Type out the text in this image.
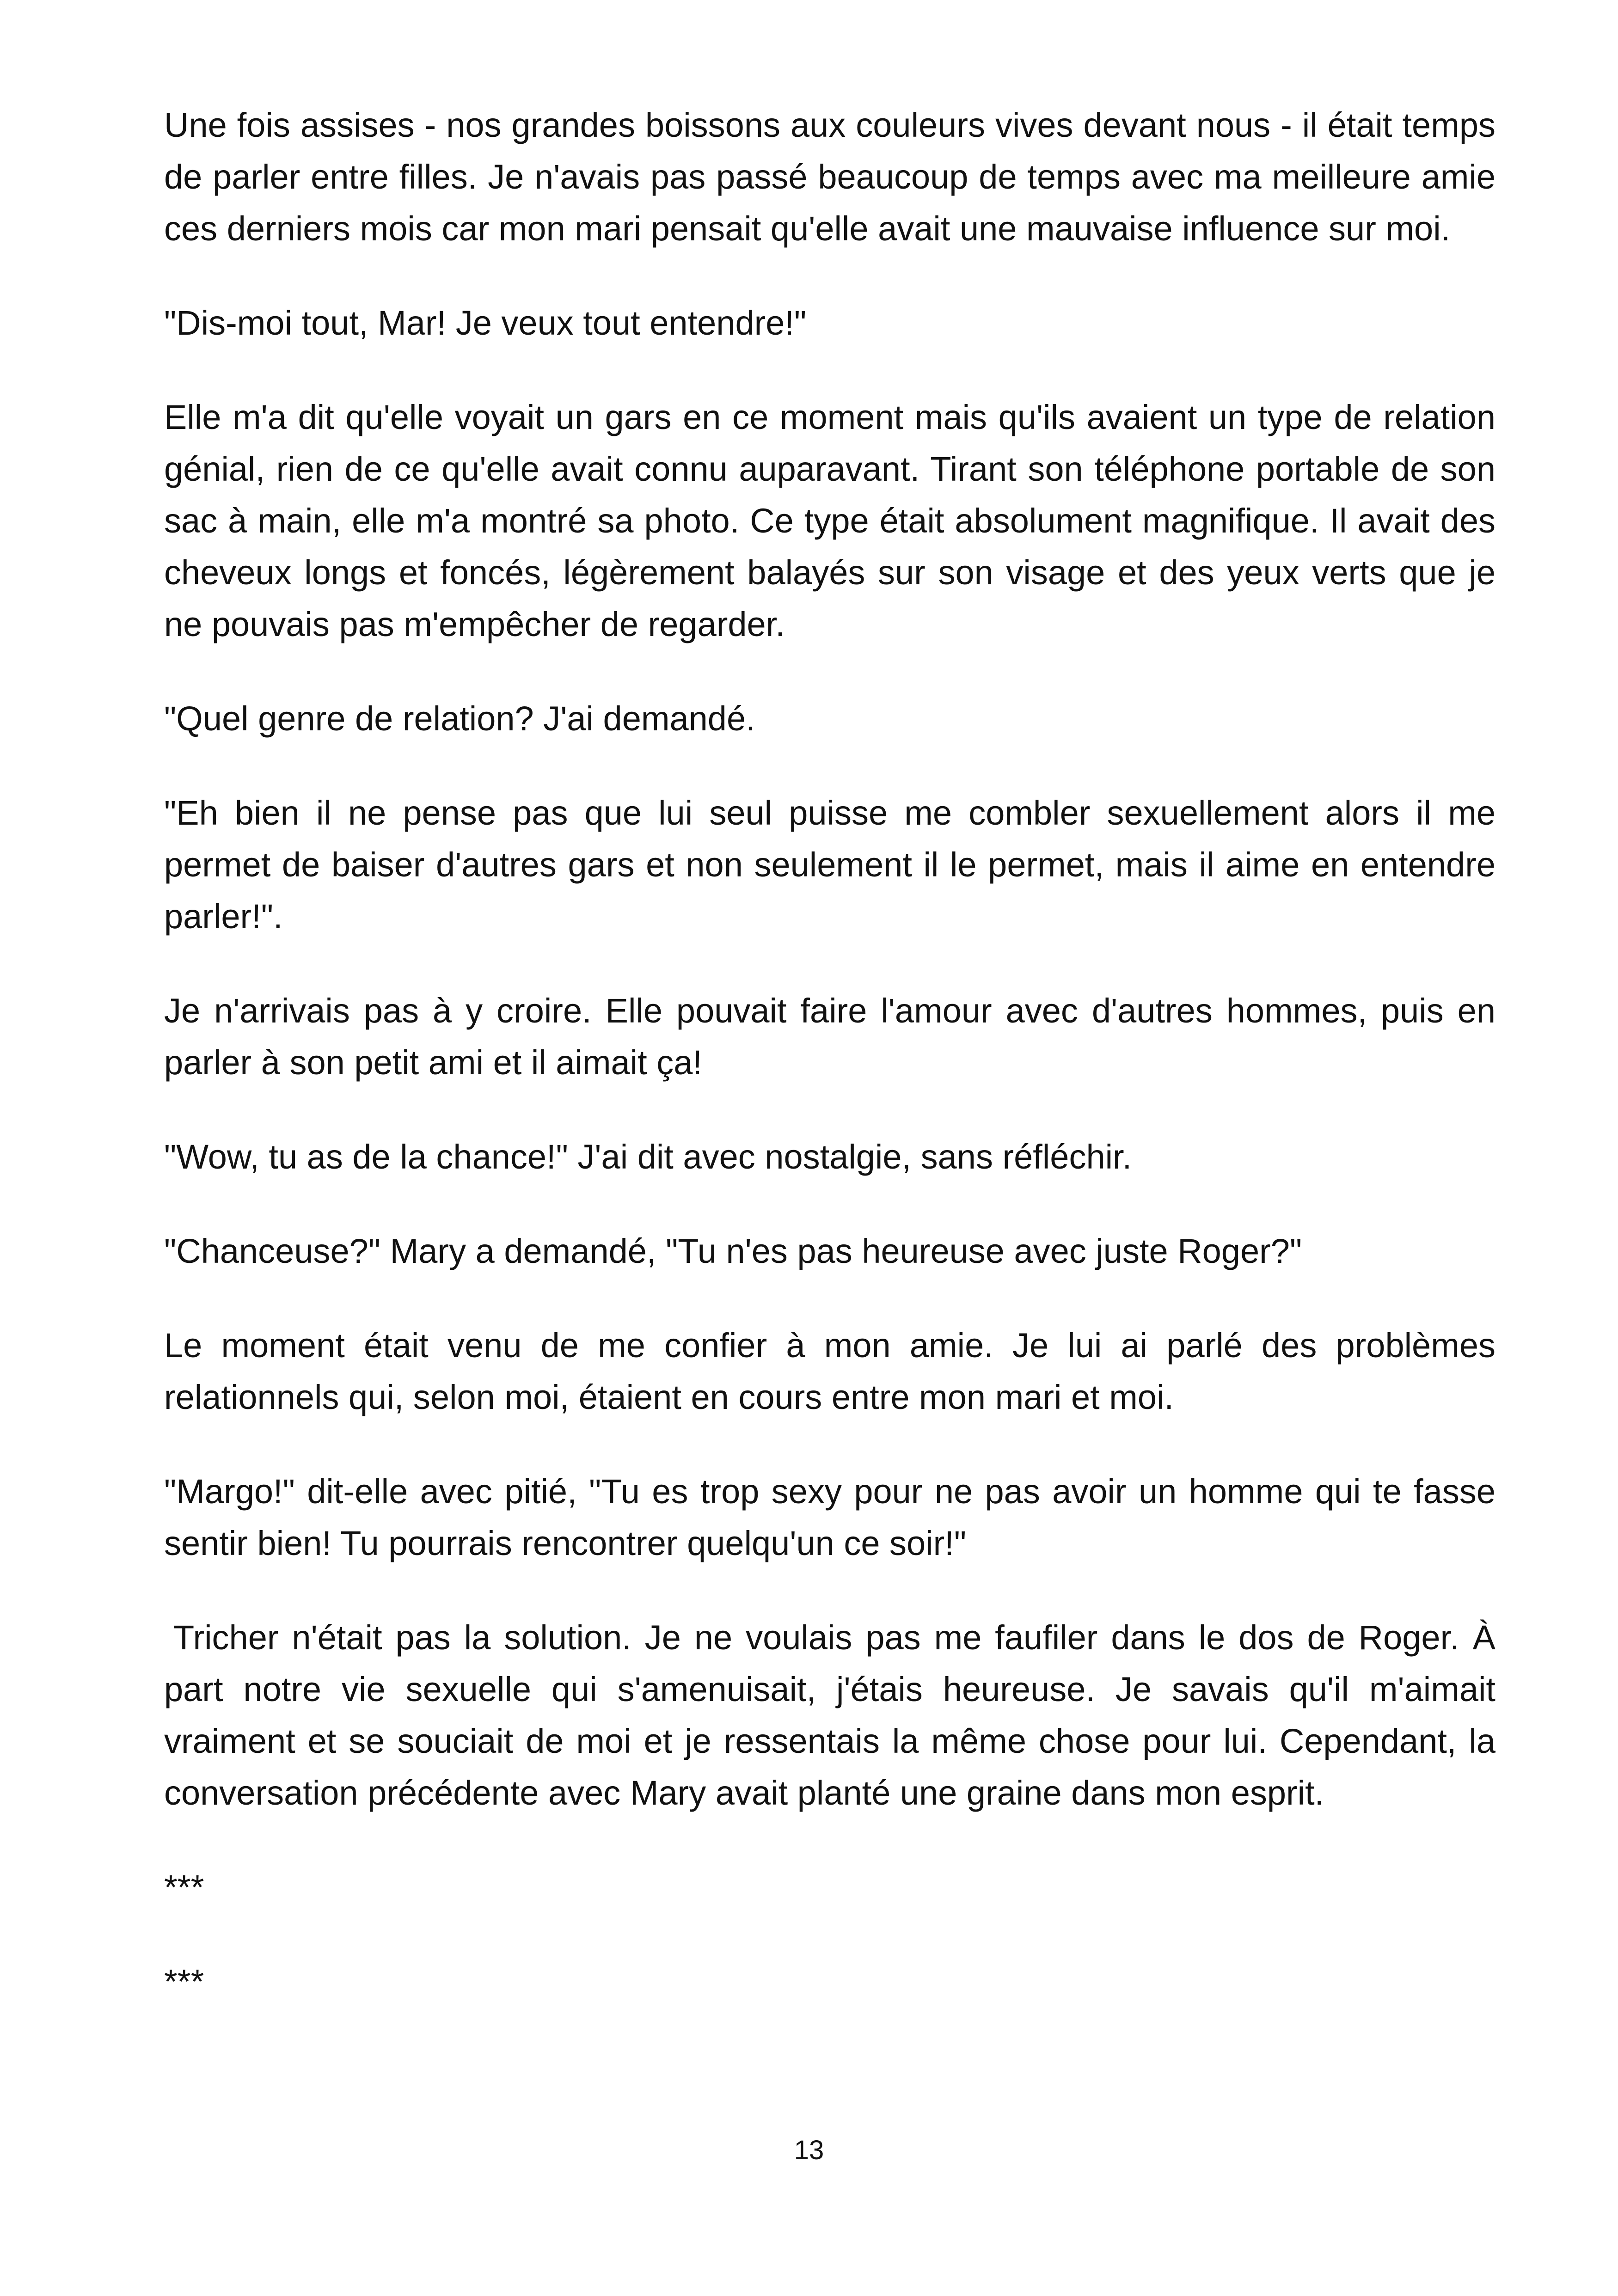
Une fois assises - nos grandes boissons aux couleurs vives devant nous - il était temps de parler entre filles. Je n'avais pas passé beaucoup de temps avec ma meilleure amie ces derniers mois car mon mari pensait qu'elle avait une mauvaise influence sur moi.

"Dis-moi tout, Mar! Je veux tout entendre!"

Elle m'a dit qu'elle voyait un gars en ce moment mais qu'ils avaient un type de relation génial, rien de ce qu'elle avait connu auparavant. Tirant son téléphone portable de son sac à main, elle m'a montré sa photo. Ce type était absolument magnifique. Il avait des cheveux longs et foncés, légèrement balayés sur son visage et des yeux verts que je ne pouvais pas m'empêcher de regarder.

"Quel genre de relation? J'ai demandé.

"Eh bien il ne pense pas que lui seul puisse me combler sexuellement alors il me permet de baiser d'autres gars et non seulement il le permet, mais il aime en entendre parler!".

Je n'arrivais pas à y croire. Elle pouvait faire l'amour avec d'autres hommes, puis en parler à son petit ami et il aimait ça!

"Wow, tu as de la chance!" J'ai dit avec nostalgie, sans réfléchir.

"Chanceuse?" Mary a demandé, "Tu n'es pas heureuse avec juste Roger?"

Le moment était venu de me confier à mon amie. Je lui ai parlé des problèmes relationnels qui, selon moi, étaient en cours entre mon mari et moi.

"Margo!" dit-elle avec pitié, "Tu es trop sexy pour ne pas avoir un homme qui te fasse sentir bien! Tu pourrais rencontrer quelqu'un ce soir!"

Tricher n'était pas la solution. Je ne voulais pas me faufiler dans le dos de Roger. À part notre vie sexuelle qui s'amenuisait, j'étais heureuse. Je savais qu'il m'aimait vraiment et se souciait de moi et je ressentais la même chose pour lui. Cependant, la conversation précédente avec Mary avait planté une graine dans mon esprit.

***

***

13
